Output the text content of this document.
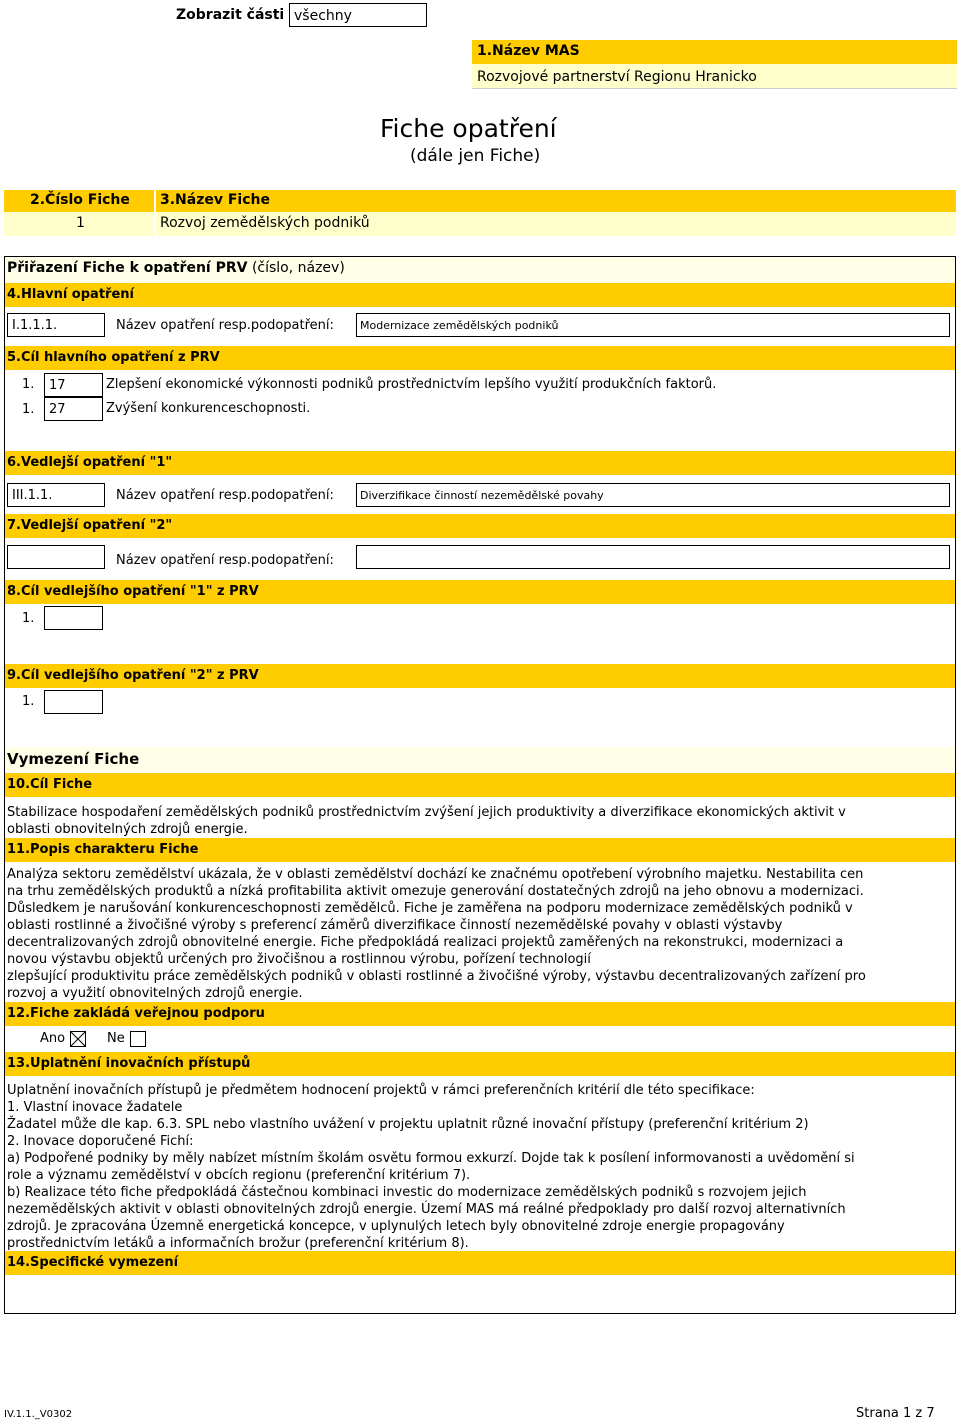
Zobrazit části všechny
1.Název MAS
Rozvojové partnerství Regionu Hranicko
Fiche opatření
(dále jen Fiche)
2.Číslo Fiche	3.Název Fiche
1	Rozvoj zemědělských podniků
Přiřazení Fiche k opatření PRV (číslo, název)
4.Hlavní opatření
I.1.1.1.	Název opatření resp.podopatření:	Modernizace zemědělských podniků
5.Cíl hlavního opatření z PRV
1.	17	Zlepšení ekonomické výkonnosti podniků prostřednictvím lepšího využití produkčních faktorů.
1.	27	Zvýšení konkurenceschopnosti.
6.Vedlejší opatření "1"
III.1.1.	Název opatření resp.podopatření:	Diverzifikace činností nezemědělské povahy
7.Vedlejší opatření "2"
Název opatření resp.podopatření:
8.Cíl vedlejšího opatření "1" z PRV
1.
9.Cíl vedlejšího opatření "2" z PRV
1.
Vymezení Fiche
10.Cíl Fiche
Stabilizace hospodaření zemědělských podniků prostřednictvím zvýšení jejich produktivity a diverzifikace ekonomických aktivit v
oblasti obnovitelných zdrojů energie.
11.Popis charakteru Fiche
Analýza sektoru zemědělství ukázala, že v oblasti zemědělství dochází ke značnému opotřebení výrobního majetku. Nestabilita cen
na trhu zemědělských produktů a nízká profitabilita aktivit omezuje generování dostatečných zdrojů na jeho obnovu a modernizaci.
Důsledkem je narušování konkurenceschopnosti zemědělců. Fiche je zaměřena na podporu modernizace zemědělských podniků v
oblasti rostlinné a živočišné výroby s preferencí záměrů diverzifikace činností nezemědělské povahy v oblasti výstavby
decentralizovaných zdrojů obnovitelné energie. Fiche předpokládá realizaci projektů zaměřených na rekonstrukci, modernizaci a
novou výstavbu objektů určených pro živočišnou a rostlinnou výrobu, pořízení technologií
zlepšující produktivitu práce zemědělských podniků v oblasti rostlinné a živočišné výroby, výstavbu decentralizovaných zařízení pro
rozvoj a využití obnovitelných zdrojů energie.
12.Fiche zakládá veřejnou podporu
Ano	Ne
13.Uplatnění inovačních přístupů
Uplatnění inovačních přístupů je předmětem hodnocení projektů v rámci preferenčních kritérií dle této specifikace:
1. Vlastní inovace žadatele
Žadatel může dle kap. 6.3. SPL nebo vlastního uvážení v projektu uplatnit různé inovační přístupy (preferenční kritérium 2)
2. Inovace doporučené Fichí:
a) Podpořené podniky by měly nabízet místním školám osvětu formou exkurzí. Dojde tak k posílení informovanosti a uvědomění si
role a významu zemědělství v obcích regionu (preferenční kritérium 7).
b) Realizace této fiche předpokládá částečnou kombinaci investic do modernizace zemědělských podniků s rozvojem jejich
nezemědělských aktivit v oblasti obnovitelných zdrojů energie. Území MAS má reálné předpoklady pro další rozvoj alternativních
zdrojů. Je zpracována Územně energetická koncepce, v uplynulých letech byly obnovitelné zdroje energie propagovány
prostřednictvím letáků a informačních brožur (preferenční kritérium 8).
14.Specifické vymezení
IV.1.1._V0302	Strana 1 z 7
